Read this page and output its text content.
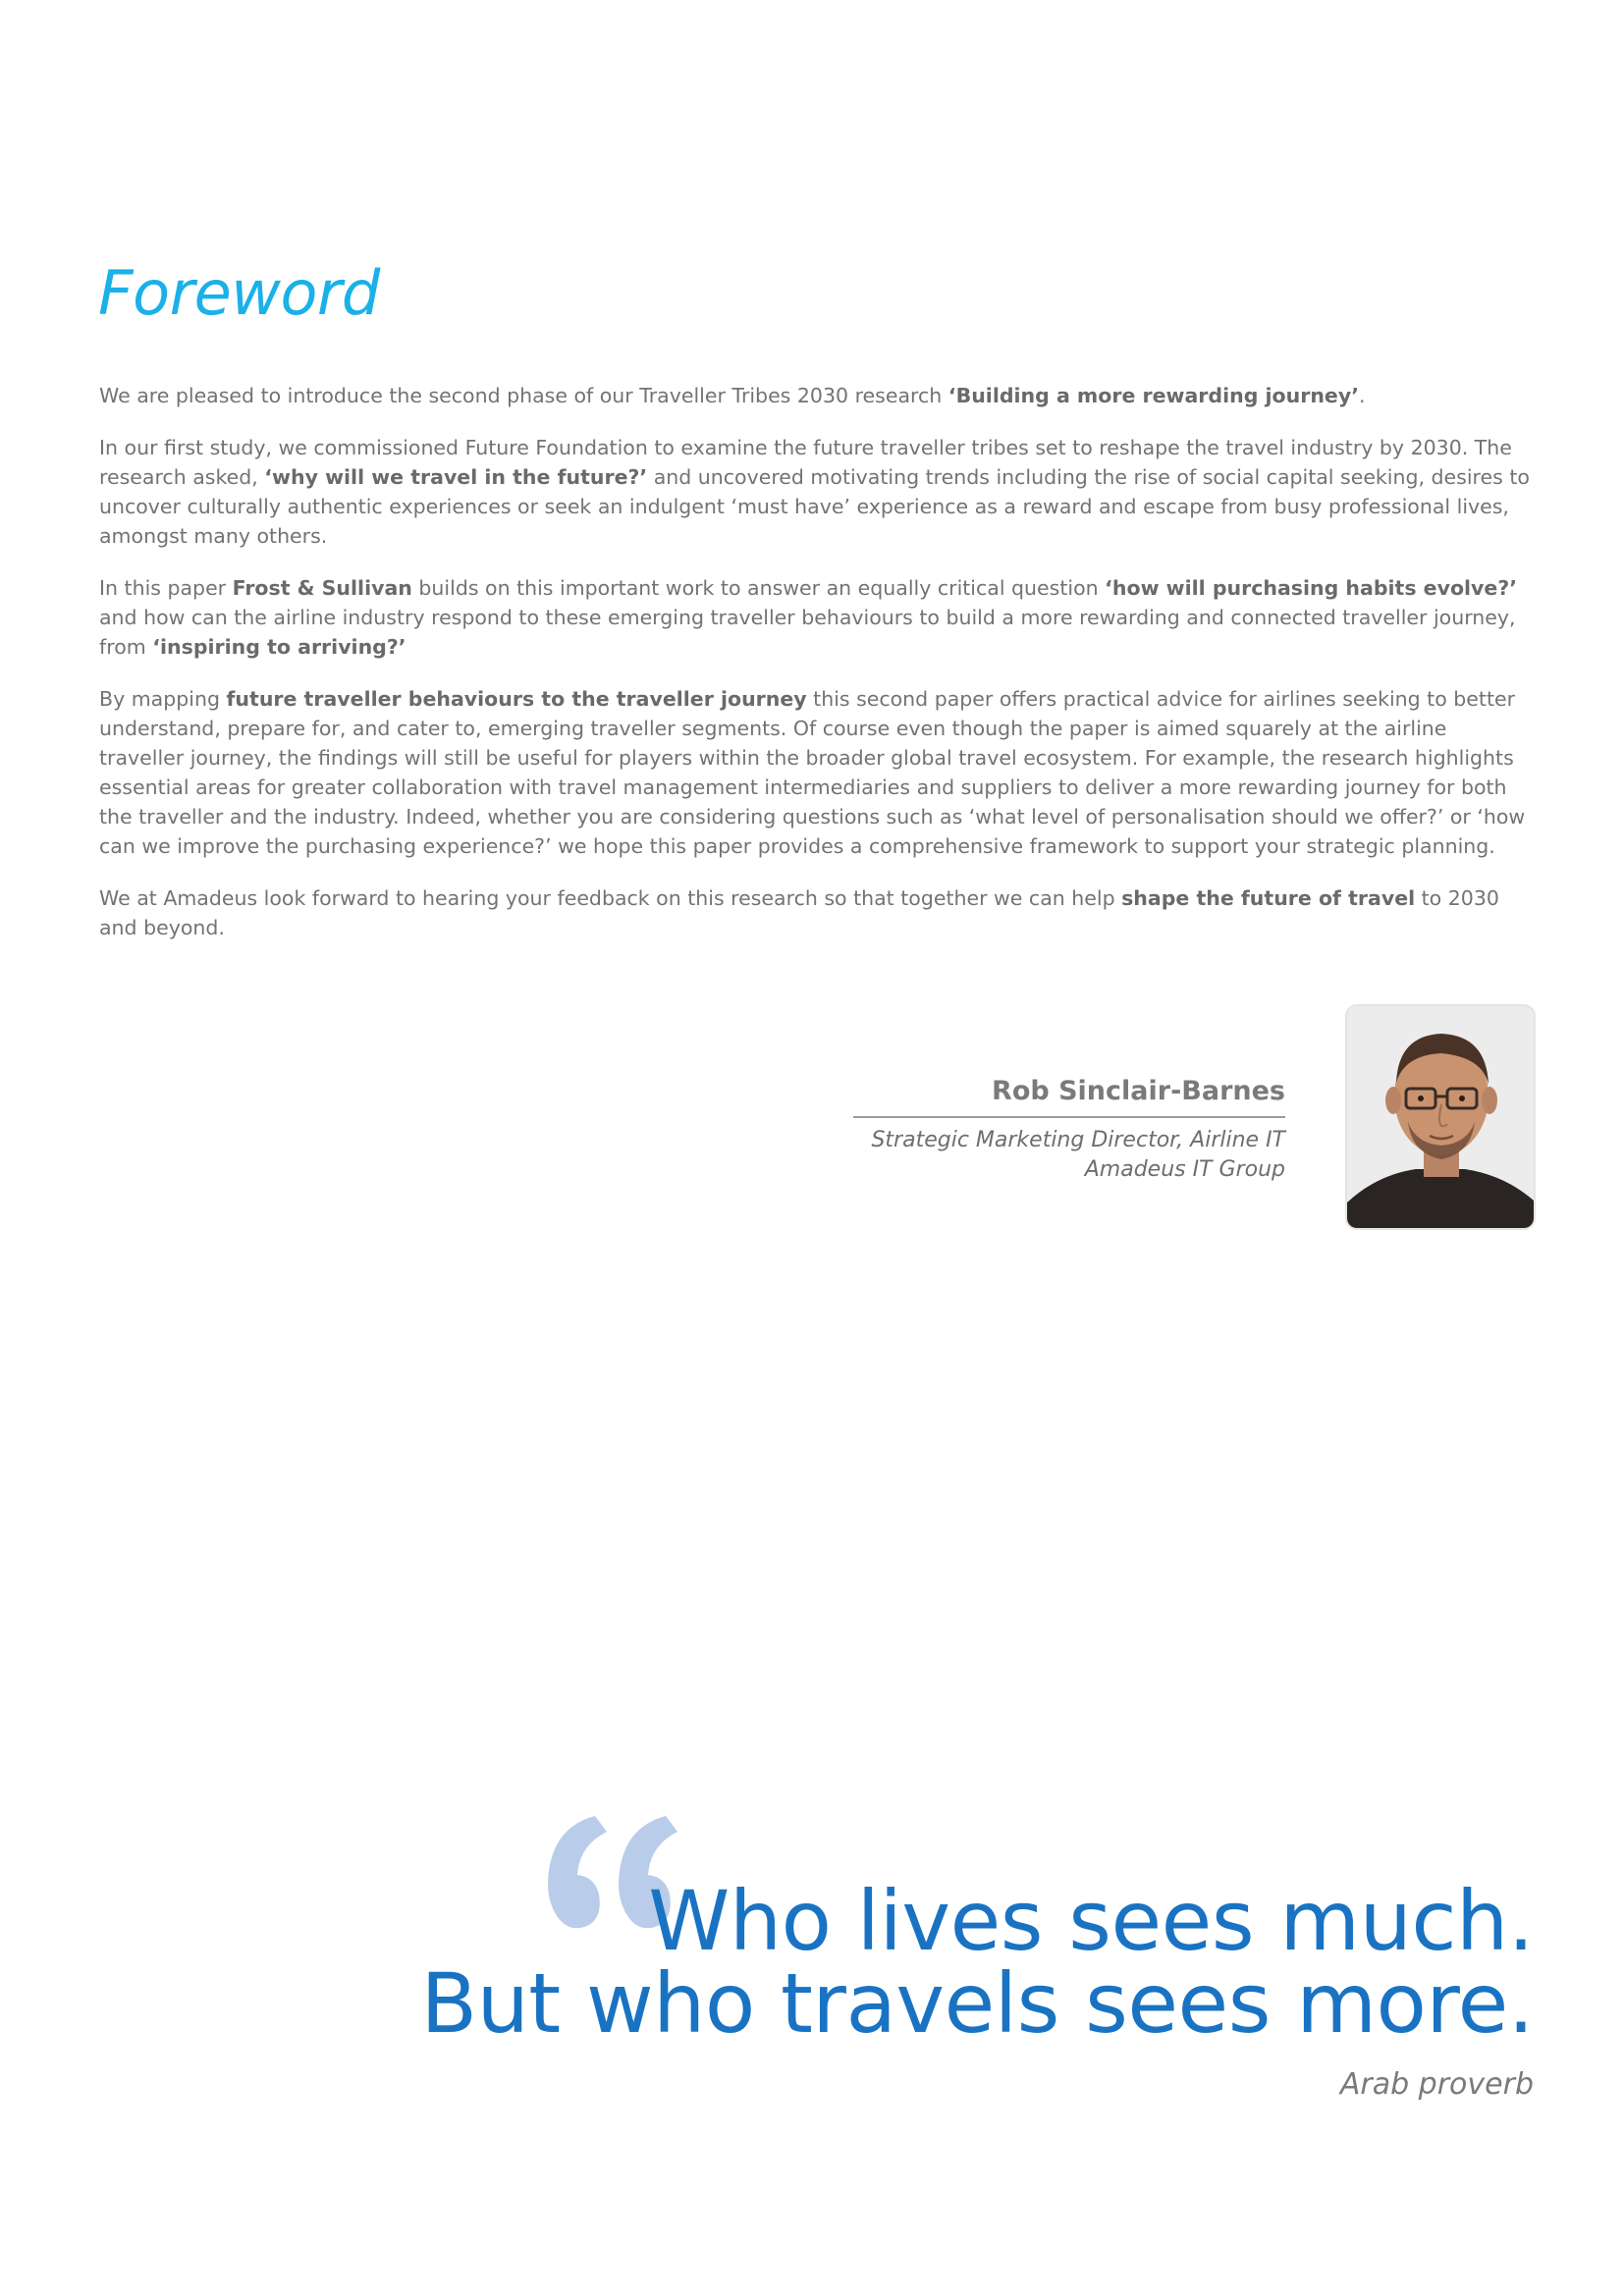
Foreword

We are pleased to introduce the second phase of our Traveller Tribes 2030 research ‘Building a more rewarding journey’.

In our first study, we commissioned Future Foundation to examine the future traveller tribes set to reshape the travel industry by 2030. The research asked, ‘why will we travel in the future?’ and uncovered motivating trends including the rise of social capital seeking, desires to uncover culturally authentic experiences or seek an indulgent ‘must have’ experience as a reward and escape from busy professional lives, amongst many others.

In this paper Frost & Sullivan builds on this important work to answer an equally critical question ‘how will purchasing habits evolve?’ and how can the airline industry respond to these emerging traveller behaviours to build a more rewarding and connected traveller journey, from ‘inspiring to arriving?’

By mapping future traveller behaviours to the traveller journey this second paper offers practical advice for airlines seeking to better understand, prepare for, and cater to, emerging traveller segments. Of course even though the paper is aimed squarely at the airline traveller journey, the findings will still be useful for players within the broader global travel ecosystem. For example, the research highlights essential areas for greater collaboration with travel management intermediaries and suppliers to deliver a more rewarding journey for both the traveller and the industry. Indeed, whether you are considering questions such as ‘what level of personalisation should we offer?’ or ‘how can we improve the purchasing experience?’ we hope this paper provides a comprehensive framework to support your strategic planning.

We at Amadeus look forward to hearing your feedback on this research so that together we can help shape the future of travel to 2030 and beyond.

Rob Sinclair-Barnes
Strategic Marketing Director, Airline IT
Amadeus IT Group
Who lives sees much.
But who travels sees more.
Arab proverb
